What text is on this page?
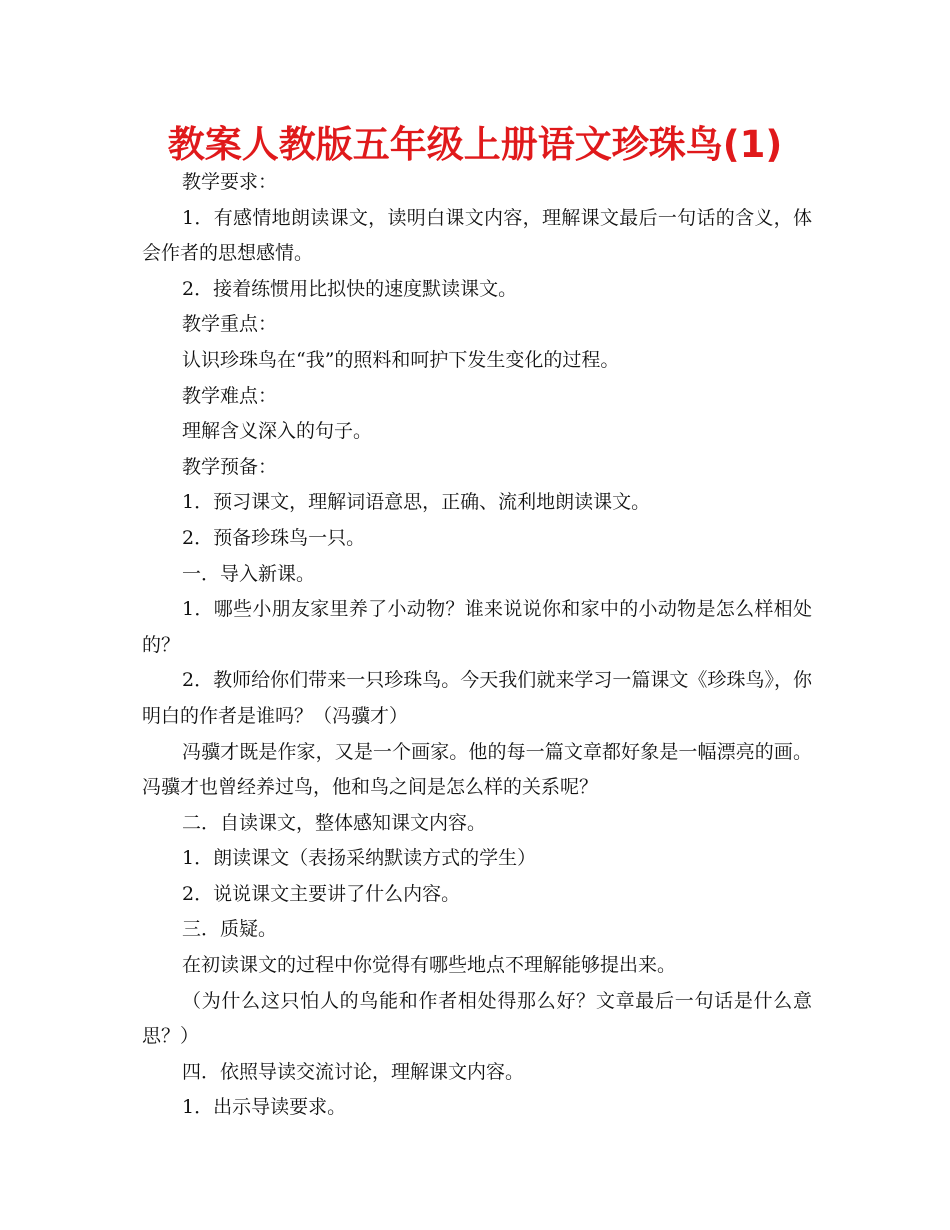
教案人教版五年级上册语文珍珠鸟(1)

教学要求：

1．有感情地朗读课文，读明白课文内容，理解课文最后一句话的含义，体会作者的思想感情。

2．接着练惯用比拟快的速度默读课文。

教学重点：

认识珍珠鸟在“我”的照料和呵护下发生变化的过程。

教学难点：

理解含义深入的句子。

教学预备：

1．预习课文，理解词语意思，正确、流利地朗读课文。

2．预备珍珠鸟一只。

一．导入新课。

1．哪些小朋友家里养了小动物？谁来说说你和家中的小动物是怎么样相处的？

2．教师给你们带来一只珍珠鸟。今天我们就来学习一篇课文《珍珠鸟》，你明白的作者是谁吗？（冯骥才）

冯骥才既是作家，又是一个画家。他的每一篇文章都好象是一幅漂亮的画。冯骥才也曾经养过鸟，他和鸟之间是怎么样的关系呢？

二．自读课文，整体感知课文内容。

1．朗读课文（表扬采纳默读方式的学生）

2．说说课文主要讲了什么内容。

三．质疑。

在初读课文的过程中你觉得有哪些地点不理解能够提出来。

（为什么这只怕人的鸟能和作者相处得那么好？文章最后一句话是什么意思？）

四．依照导读交流讨论，理解课文内容。

1．出示导读要求。
